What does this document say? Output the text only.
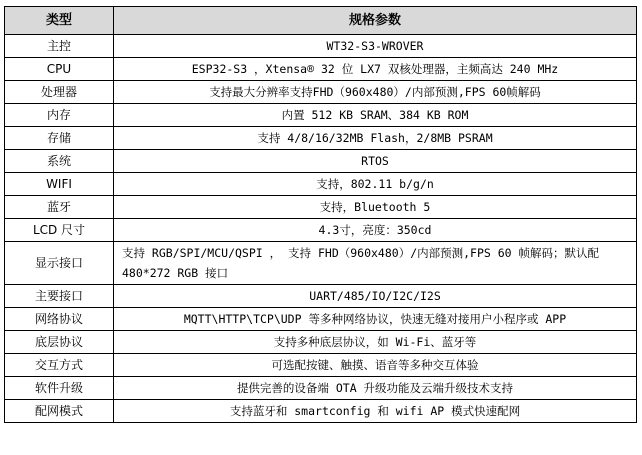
类型	规格参数
主控	WT32-S3-WROVER
CPU	ESP32-S3 ，Xtensa® 32 位 LX7 双核处理器，主频高达 240 MHz
处理器	支持最大分辨率支持FHD（960x480）/内部预测,FPS 60帧解码
内存	内置 512 KB SRAM、384 KB ROM
存储	支持 4/8/16/32MB Flash，2/8MB PSRAM
系统	RTOS
WIFI	支持，802.11 b/g/n
蓝牙	支持，Bluetooth 5
LCD 尺寸	4.3寸，亮度：350cd
显示接口	支持 RGB/SPI/MCU/QSPI ， 支持 FHD（960x480）/内部预测,FPS 60 帧解码；默认配 480*272 RGB 接口
主要接口	UART/485/IO/I2C/I2S
网络协议	MQTT\HTTP\TCP\UDP 等多种网络协议，快速无缝对接用户小程序或 APP
底层协议	支持多种底层协议，如 Wi-Fi、蓝牙等
交互方式	可选配按键、触摸、语音等多种交互体验
软件升级	提供完善的设备端 OTA 升级功能及云端升级技术支持
配网模式	支持蓝牙和 smartconfig 和 wifi AP 模式快速配网
